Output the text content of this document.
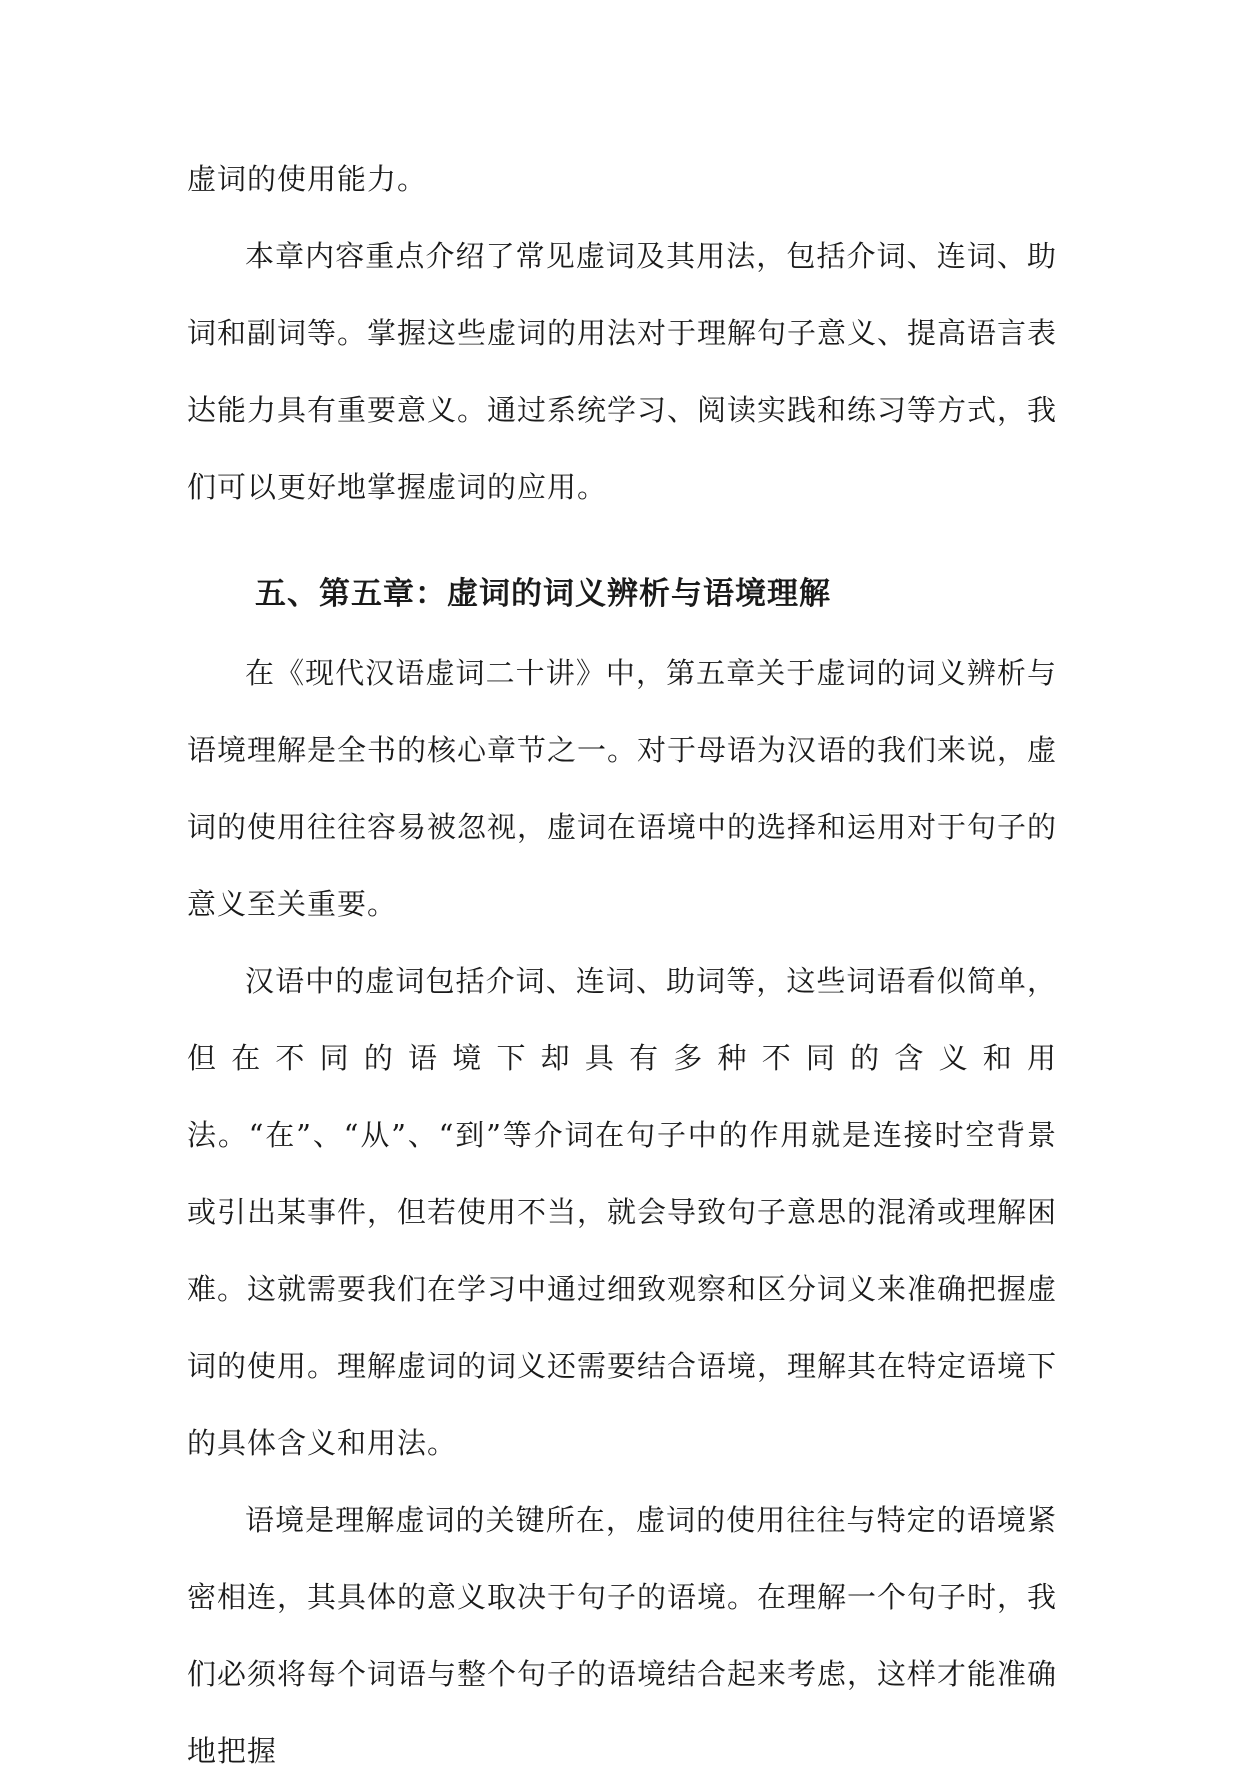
虚词的使用能力。

本章内容重点介绍了常见虚词及其用法，包括介词、连词、助词和副词等。掌握这些虚词的用法对于理解句子意义、提高语言表达能力具有重要意义。通过系统学习、阅读实践和练习等方式，我们可以更好地掌握虚词的应用。

五、第五章：虚词的词义辨析与语境理解

在《现代汉语虚词二十讲》中，第五章关于虚词的词义辨析与语境理解是全书的核心章节之一。对于母语为汉语的我们来说，虚词的使用往往容易被忽视，虚词在语境中的选择和运用对于句子的意义至关重要。

汉语中的虚词包括介词、连词、助词等，这些词语看似简单，但在不同的语境下却具有多种不同的含义和用法。“在”、“从”、“到”等介词在句子中的作用就是连接时空背景或引出某事件，但若使用不当，就会导致句子意思的混淆或理解困难。这就需要我们在学习中通过细致观察和区分词义来准确把握虚词的使用。理解虚词的词义还需要结合语境，理解其在特定语境下的具体含义和用法。

语境是理解虚词的关键所在，虚词的使用往往与特定的语境紧密相连，其具体的意义取决于句子的语境。在理解一个句子时，我们必须将每个词语与整个句子的语境结合起来考虑，这样才能准确地把握
